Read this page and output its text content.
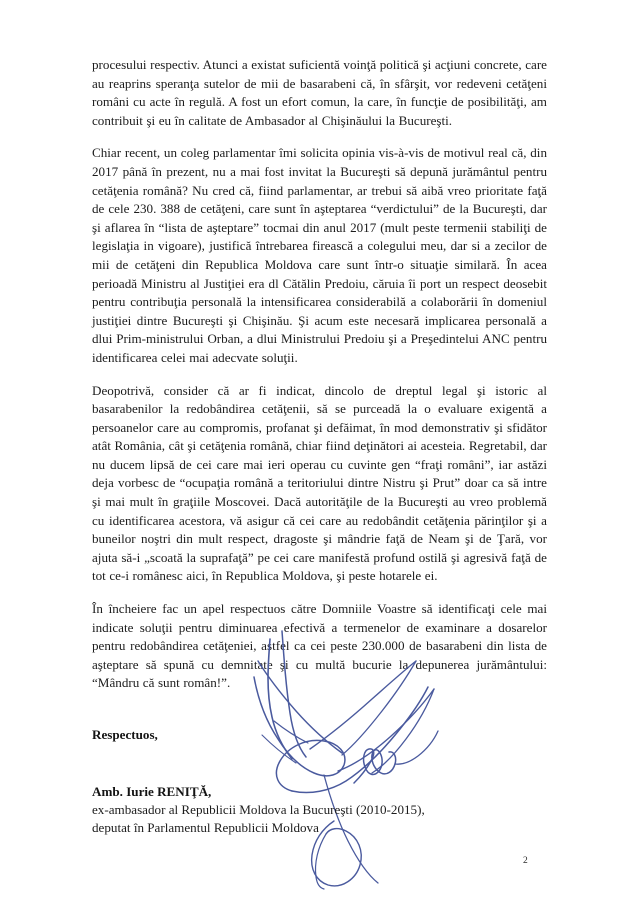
procesului respectiv. Atunci a existat suficientă voinţă politică şi acţiuni concrete, care au reaprins speranţa sutelor de mii de basarabeni că, în sfârşit, vor redeveni cetăţeni români cu acte în regulă. A fost un efort comun, la care, în funcţie de posibilităţi, am contribuit şi eu în calitate de Ambasador al Chişinăului la Bucureşti.

Chiar recent, un coleg parlamentar îmi solicita opinia vis-à-vis de motivul real că, din 2017 până în prezent, nu a mai fost invitat la Bucureşti să depună jurământul pentru cetăţenia română? Nu cred că, fiind parlamentar, ar trebui să aibă vreo prioritate faţă de cele 230. 388 de cetăţeni, care sunt în aşteptarea “verdictului” de la Bucureşti, dar şi aflarea în “lista de aşteptare” tocmai din anul 2017 (mult peste termenii stabiliţi de legislaţia in vigoare), justifică întrebarea firească a colegului meu, dar si a zecilor de mii de cetăţeni din Republica Moldova care sunt într-o situaţie similară. În acea perioadă Ministru al Justiţiei era dl Cătălin Predoiu, căruia îi port un respect deosebit pentru contribuţia personală la intensificarea considerabilă a colaborării în domeniul justiţiei dintre Bucureşti şi Chişinău. Şi acum este necesară implicarea personală a dlui Prim-ministrului Orban, a dlui Ministrului Predoiu şi a Preşedintelui ANC pentru identificarea celei mai adecvate soluţii.

Deopotrivă, consider că ar fi indicat, dincolo de dreptul legal şi istoric al basarabenilor la redobândirea cetăţenii, să se purceadă la o evaluare exigentă a persoanelor care au compromis, profanat şi defăimat, în mod demonstrativ şi sfidător atât România, cât şi cetăţenia română, chiar fiind deţinători ai acesteia. Regretabil, dar nu ducem lipsă de cei care mai ieri operau cu cuvinte gen “fraţi români”, iar astăzi deja vorbesc de “ocupaţia română a teritoriului dintre Nistru şi Prut” doar ca să intre şi mai mult în graţiile Moscovei. Dacă autorităţile de la Bucureşti au vreo problemă cu identificarea acestora, vă asigur că cei care au redobândit cetăţenia părinţilor şi a buneilor noştri din mult respect, dragoste şi mândrie faţă de Neam şi de Ţară, vor ajuta să-i „scoată la suprafaţă” pe cei care manifestă profund ostilă şi agresivă faţă de tot ce-i românesc aici, în Republica Moldova, şi peste hotarele ei.

În încheiere fac un apel respectuos către Domniile Voastre să identificaţi cele mai indicate soluţii pentru diminuarea efectivă a termenelor de examinare a dosarelor pentru redobândirea cetăţeniei, astfel ca cei peste 230.000 de basarabeni din lista de aşteptare să spună cu demnitate şi cu multă bucurie la depunerea jurământului: “Mândru că sunt român!”.

Respectuos,

Amb. Iurie RENIŢĂ,

ex-ambasador al Republicii Moldova la Bucureşti (2010-2015),

deputat în Parlamentul Republicii Moldova

2
